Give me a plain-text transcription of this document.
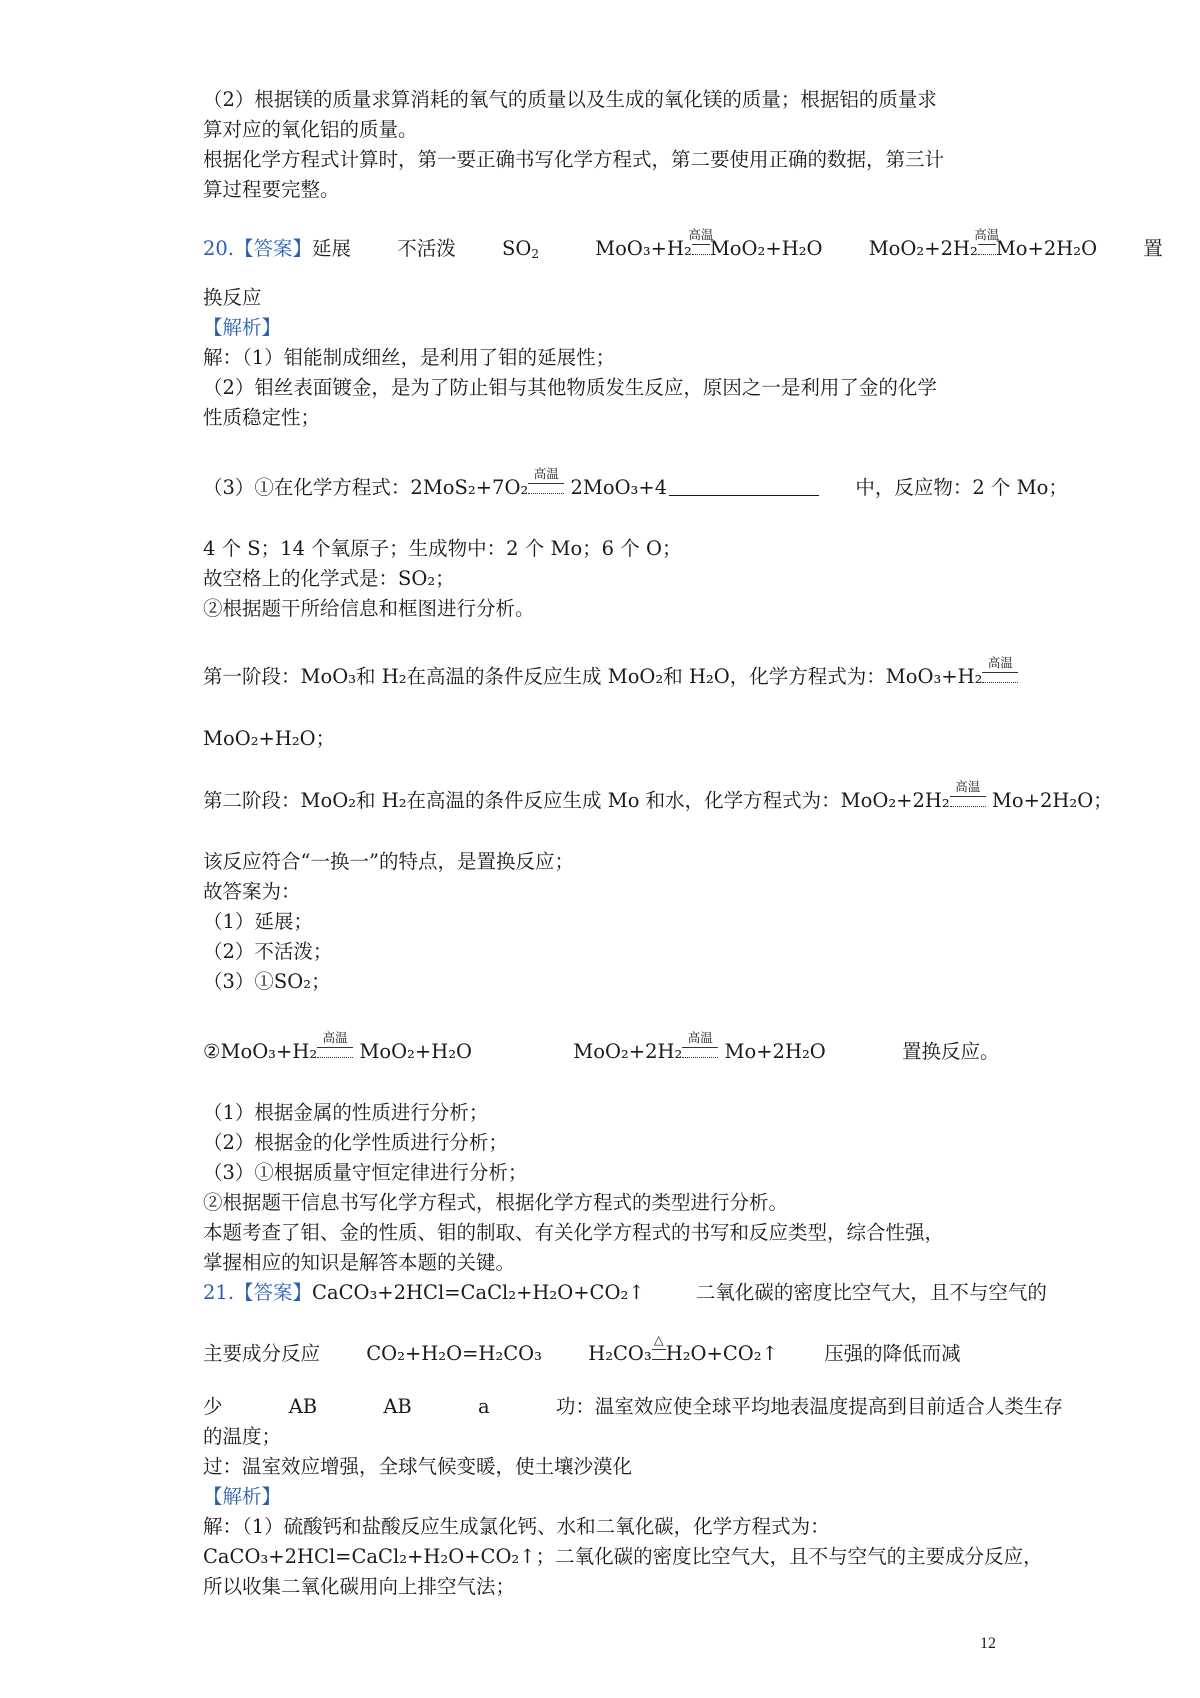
（2）根据镁的质量求算消耗的氧气的质量以及生成的氧化镁的质量；根据铝的质量求
算对应的氧化铝的质量。
根据化学方程式计算时，第一要正确书写化学方程式，第二要使用正确的数据，第三计
算过程要完整。
20.【答案】延展 不活泼 $SO_2$	MoO₃+H₂
高温
MoO₂+H₂O MoO₂+2H₂
高温
Mo+2H₂O 置
换反应
【解析】
解：（1）钼能制成细丝，是利用了钼的延展性；
（2）钼丝表面镀金，是为了防止钼与其他物质发生反应，原因之一是利用了金的化学
性质稳定性；
（3）①在化学方程式：2MoS₂+7O₂
高温
2MoO₃+4	中，反应物：2 个 Mo；
4 个 S；14 个氧原子；生成物中：2 个 Mo；6 个 O；
故空格上的化学式是：SO₂；
②根据题干所给信息和框图进行分析。
第一阶段：MoO₃和 H₂在高温的条件反应生成 MoO₂和 H₂O，化学方程式为：MoO₃+H₂
高温
MoO₂+H₂O；
第二阶段：MoO₂和 H₂在高温的条件反应生成 Mo 和水，化学方程式为：MoO₂+2H₂
高温
Mo+2H₂O；
该反应符合“一换一”的特点，是置换反应；
故答案为：
（1）延展；
（2）不活泼；
（3）①SO₂；
②MoO₃+H₂
高温
MoO₂+H₂O	MoO₂+2H₂
高温
Mo+2H₂O	置换反应。
（1）根据金属的性质进行分析；
（2）根据金的化学性质进行分析；
（3）①根据质量守恒定律进行分析；
②根据题干信息书写化学方程式，根据化学方程式的类型进行分析。
本题考查了钼、金的性质、钼的制取、有关化学方程式的书写和反应类型，综合性强，
掌握相应的知识是解答本题的关键。
21.【答案】CaCO₃+2HCl=CaCl₂+H₂O+CO₂↑	二氧化碳的密度比空气大，且不与空气的
主要成分反应 CO₂+H₂O=H₂CO₃ H₂CO₃
△
H₂O+CO₂↑ 压强的降低而减
少	AB	AB	a	功：温室效应使全球平均地表温度提高到目前适合人类生存
的温度；
过：温室效应增强，全球气候变暖，使土壤沙漠化
【解析】
解：（1）硫酸钙和盐酸反应生成氯化钙、水和二氧化碳，化学方程式为：
CaCO₃+2HCl=CaCl₂+H₂O+CO₂↑；二氧化碳的密度比空气大，且不与空气的主要成分反应，
所以收集二氧化碳用向上排空气法；
12
